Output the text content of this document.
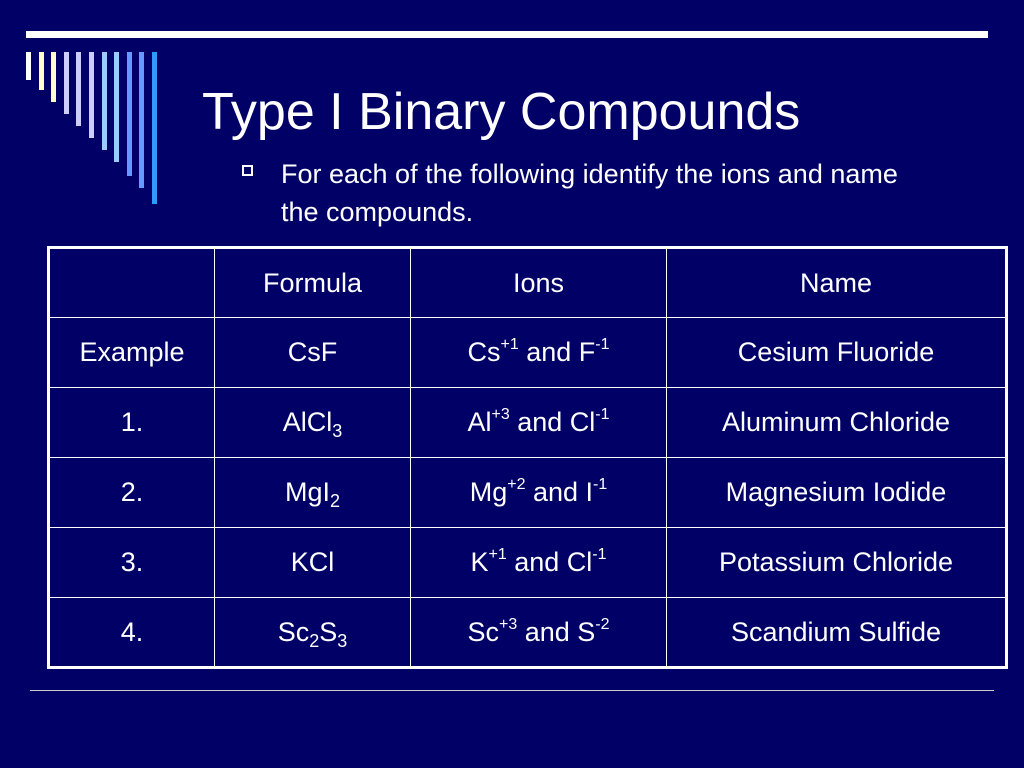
Type I Binary Compounds
For each of the following identify the ions and name the compounds.
	Formula	Ions	Name
Example	CsF	$Cs^{+1}$ and $F^{-1}$	Cesium Fluoride
1.	AlCl$_3$	$Al^{+3}$ and $Cl^{-1}$	Aluminum Chloride
2.	MgI$_2$	$Mg^{+2}$ and $I^{-1}$	Magnesium Iodide
3.	KCl	$K^{+1}$ and $Cl^{-1}$	Potassium Chloride
4.	$Sc_2S_3$	$Sc^{+3}$ and $S^{-2}$	Scandium Sulfide
